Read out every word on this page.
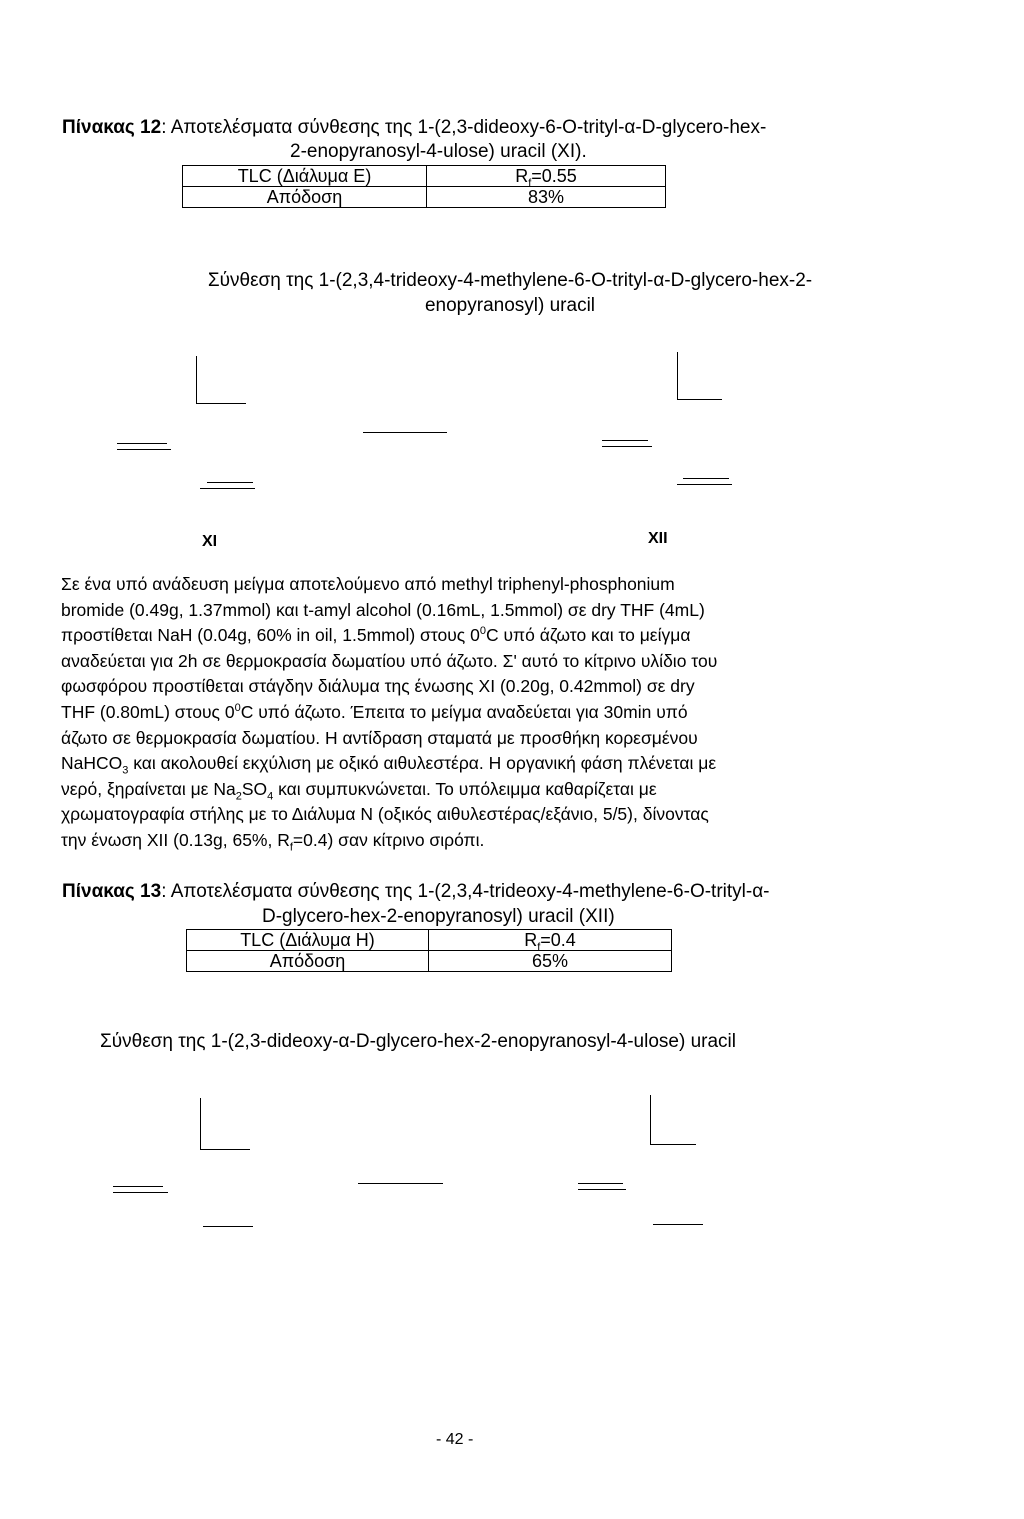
Πίνακας 12: Αποτελέσματα σύνθεσης της 1-(2,3-dideoxy-6-O-trityl-α-D-glycero-hex-
2-enopyranosyl-4-ulose) uracil (XI).
TLC (Διάλυμα Ε)	$R_f=0.55$
Απόδοση	83%
Σύνθεση της 1-(2,3,4-trideoxy-4-methylene-6-O-trityl-α-D-glycero-hex-2-
enopyranosyl) uracil
XI	XII
Σε ένα υπό ανάδευση μείγμα αποτελούμενο από methyl triphenyl-phosphonium
bromide (0.49g, 1.37mmol) και t-amyl alcohol (0.16mL, 1.5mmol) σε dry THF (4mL)
προστίθεται NaH (0.04g, 60% in oil, 1.5mmol) στους $0^0C$ υπό άζωτο και το μείγμα
αναδεύεται για 2h σε θερμοκρασία δωματίου υπό άζωτο. Σ' αυτό το κίτρινο υλίδιο του
φωσφόρου προστίθεται στάγδην διάλυμα της ένωσης XI (0.20g, 0.42mmol) σε dry
THF (0.80mL) στους $0^0C$ υπό άζωτο. Έπειτα το μείγμα αναδεύεται για 30min υπό
άζωτο σε θερμοκρασία δωματίου. Η αντίδραση σταματά με προσθήκη κορεσμένου
NaHCO$_3$ και ακολουθεί εκχύλιση με οξικό αιθυλεστέρα. Η οργανική φάση πλένεται με
νερό, ξηραίνεται με $Na_2SO_4$ και συμπυκνώνεται. Το υπόλειμμα καθαρίζεται με
χρωματογραφία στήλης με το Διάλυμα Ν (οξικός αιθυλεστέρας/εξάνιο, 5/5), δίνοντας
την ένωση XII (0.13g, 65%, $R_f=0.4$) σαν κίτρινο σιρόπι.
Πίνακας 13: Αποτελέσματα σύνθεσης της 1-(2,3,4-trideoxy-4-methylene-6-O-trityl-α-
D-glycero-hex-2-enopyranosyl) uracil (XII)
TLC (Διάλυμα Η)	$R_f=0.4$
Απόδοση	65%
Σύνθεση της 1-(2,3-dideoxy-α-D-glycero-hex-2-enopyranosyl-4-ulose) uracil
- 42 -
